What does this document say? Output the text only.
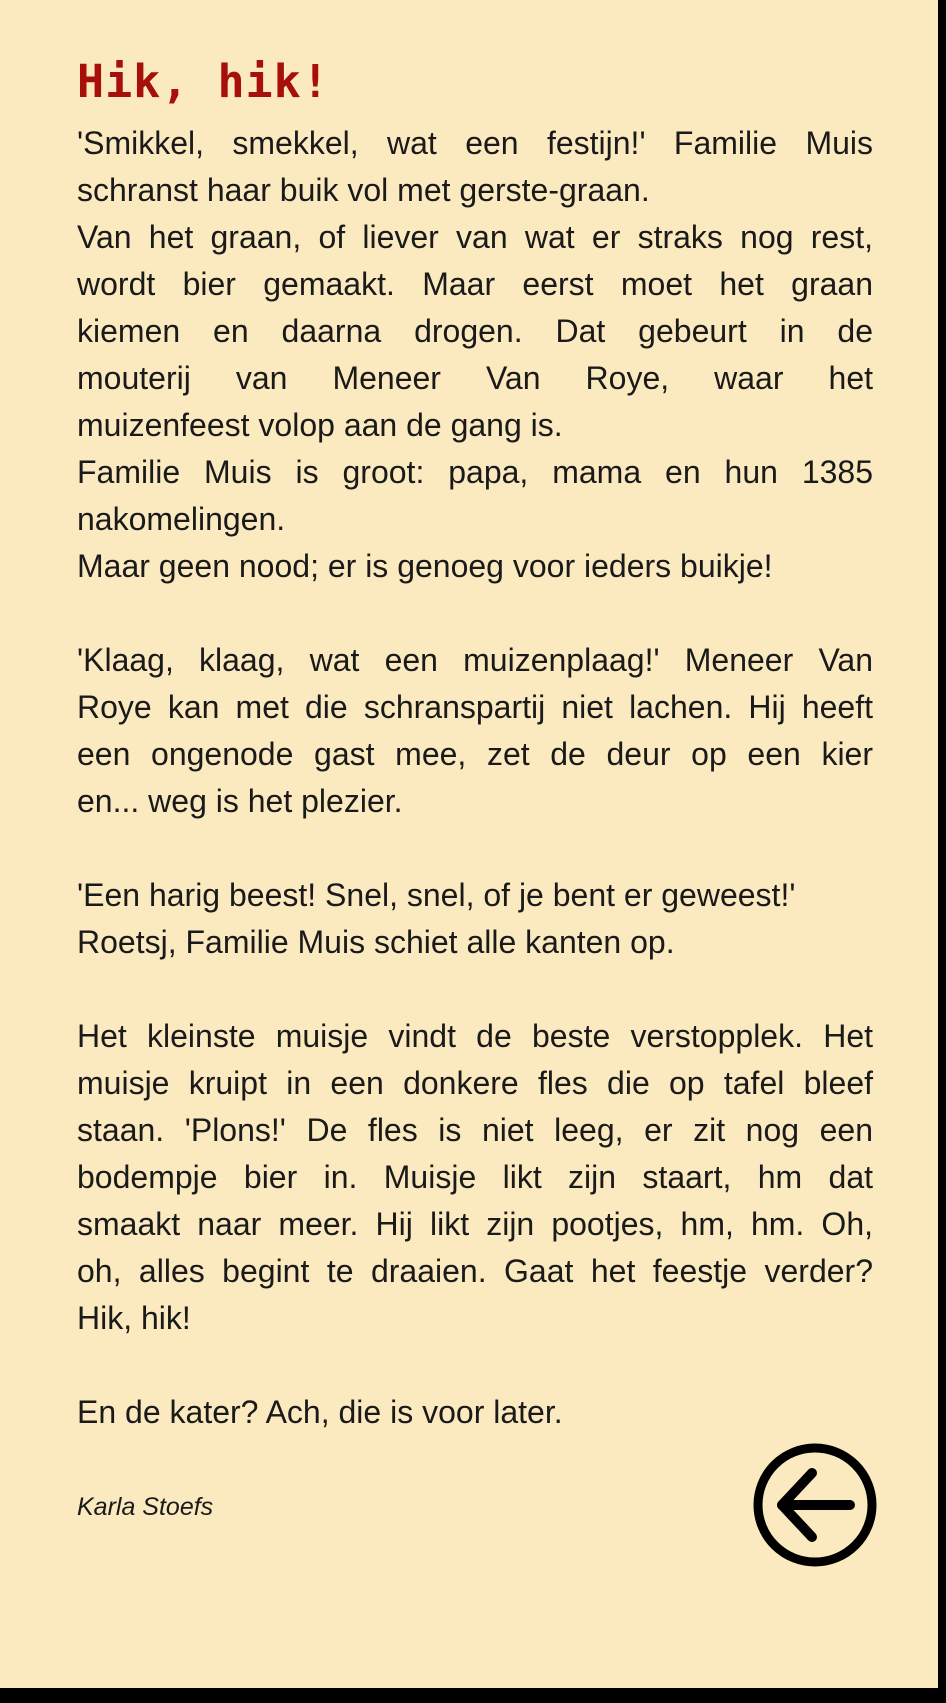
Hik, hik!

'Smikkel, smekkel, wat een festijn!' Familie Muis
schranst haar buik vol met gerste-graan.
Van het graan, of liever van wat er straks nog rest,
wordt bier gemaakt. Maar eerst moet het graan
kiemen en daarna drogen. Dat gebeurt in de
mouterij van Meneer Van Roye, waar het
muizenfeest volop aan de gang is.
Familie Muis is groot: papa, mama en hun 1385
nakomelingen.
Maar geen nood; er is genoeg voor ieders buikje!

'Klaag, klaag, wat een muizenplaag!' Meneer Van
Roye kan met die schranspartij niet lachen. Hij heeft
een ongenode gast mee, zet de deur op een kier
en... weg is het plezier.

'Een harig beest! Snel, snel, of je bent er geweest!'
Roetsj, Familie Muis schiet alle kanten op.

Het kleinste muisje vindt de beste verstopplek. Het
muisje kruipt in een donkere fles die op tafel bleef
staan. 'Plons!' De fles is niet leeg, er zit nog een
bodempje bier in. Muisje likt zijn staart, hm dat
smaakt naar meer. Hij likt zijn pootjes, hm, hm. Oh,
oh, alles begint te draaien. Gaat het feestje verder?
Hik, hik!

En de kater? Ach, die is voor later.

Karla Stoefs
